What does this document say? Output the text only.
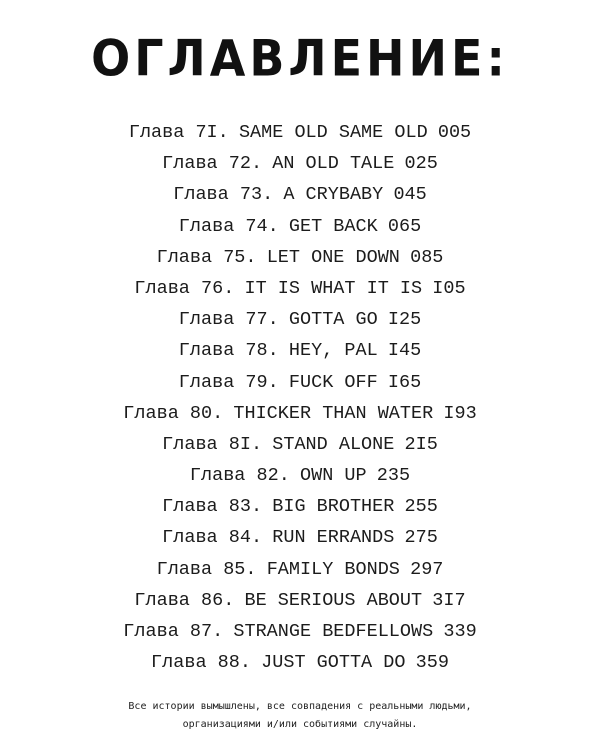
ОГЛАВЛЕНИЕ:
Глава 7I. SAME OLD SAME OLD 005
Глава 72. AN OLD TALE 025
Глава 73. A CRYBABY 045
Глава 74. GET BACK 065
Глава 75. LET ONE DOWN 085
Глава 76. IT IS WHAT IT IS I05
Глава 77. GOTTA GO I25
Глава 78. HEY, PAL I45
Глава 79. FUCK OFF I65
Глава 80. THICKER THAN WATER I93
Глава 8I. STAND ALONE 2I5
Глава 82. OWN UP 235
Глава 83. BIG BROTHER 255
Глава 84. RUN ERRANDS 275
Глава 85. FAMILY BONDS 297
Глава 86. BE SERIOUS ABOUT 3I7
Глава 87. STRANGE BEDFELLOWS 339
Глава 88. JUST GOTTA DO 359
Все истории вымышлены, все совпадения с реальными людьми,
организациями и/или событиями случайны.
